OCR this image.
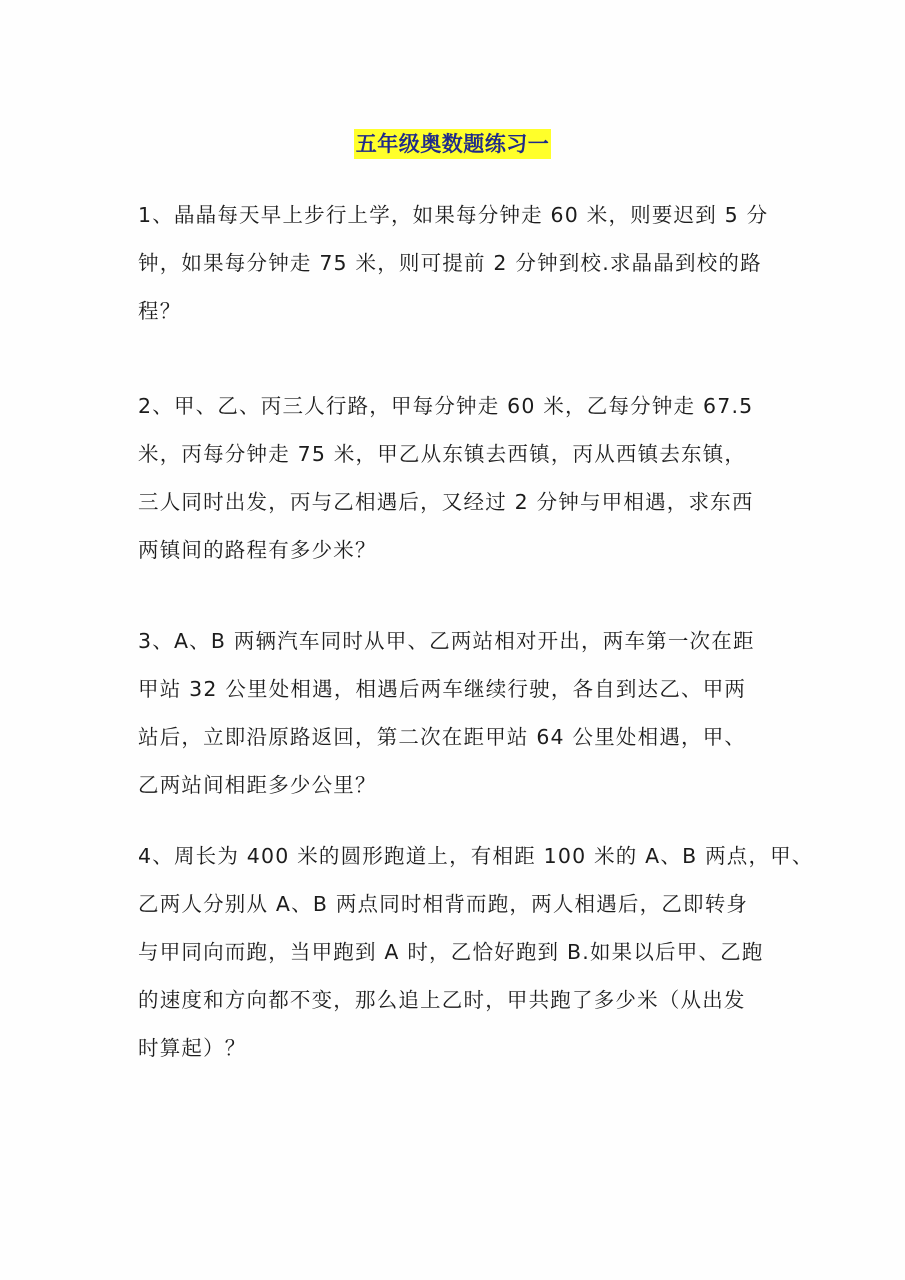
五年级奥数题练习一
1、晶晶每天早上步行上学，如果每分钟走 60 米，则要迟到 5 分
钟，如果每分钟走 75 米，则可提前 2 分钟到校.求晶晶到校的路
程？
2、甲、乙、丙三人行路，甲每分钟走 60 米，乙每分钟走 67.5
米，丙每分钟走 75 米，甲乙从东镇去西镇，丙从西镇去东镇，
三人同时出发，丙与乙相遇后，又经过 2 分钟与甲相遇，求东西
两镇间的路程有多少米？
3、A、B 两辆汽车同时从甲、乙两站相对开出，两车第一次在距
甲站 32 公里处相遇，相遇后两车继续行驶，各自到达乙、甲两
站后，立即沿原路返回，第二次在距甲站 64 公里处相遇，甲、
乙两站间相距多少公里？
4、周长为 400 米的圆形跑道上，有相距 100 米的 A、B 两点，甲、
乙两人分别从 A、B 两点同时相背而跑，两人相遇后，乙即转身
与甲同向而跑，当甲跑到 A 时，乙恰好跑到 B.如果以后甲、乙跑
的速度和方向都不变，那么追上乙时，甲共跑了多少米（从出发
时算起）？
